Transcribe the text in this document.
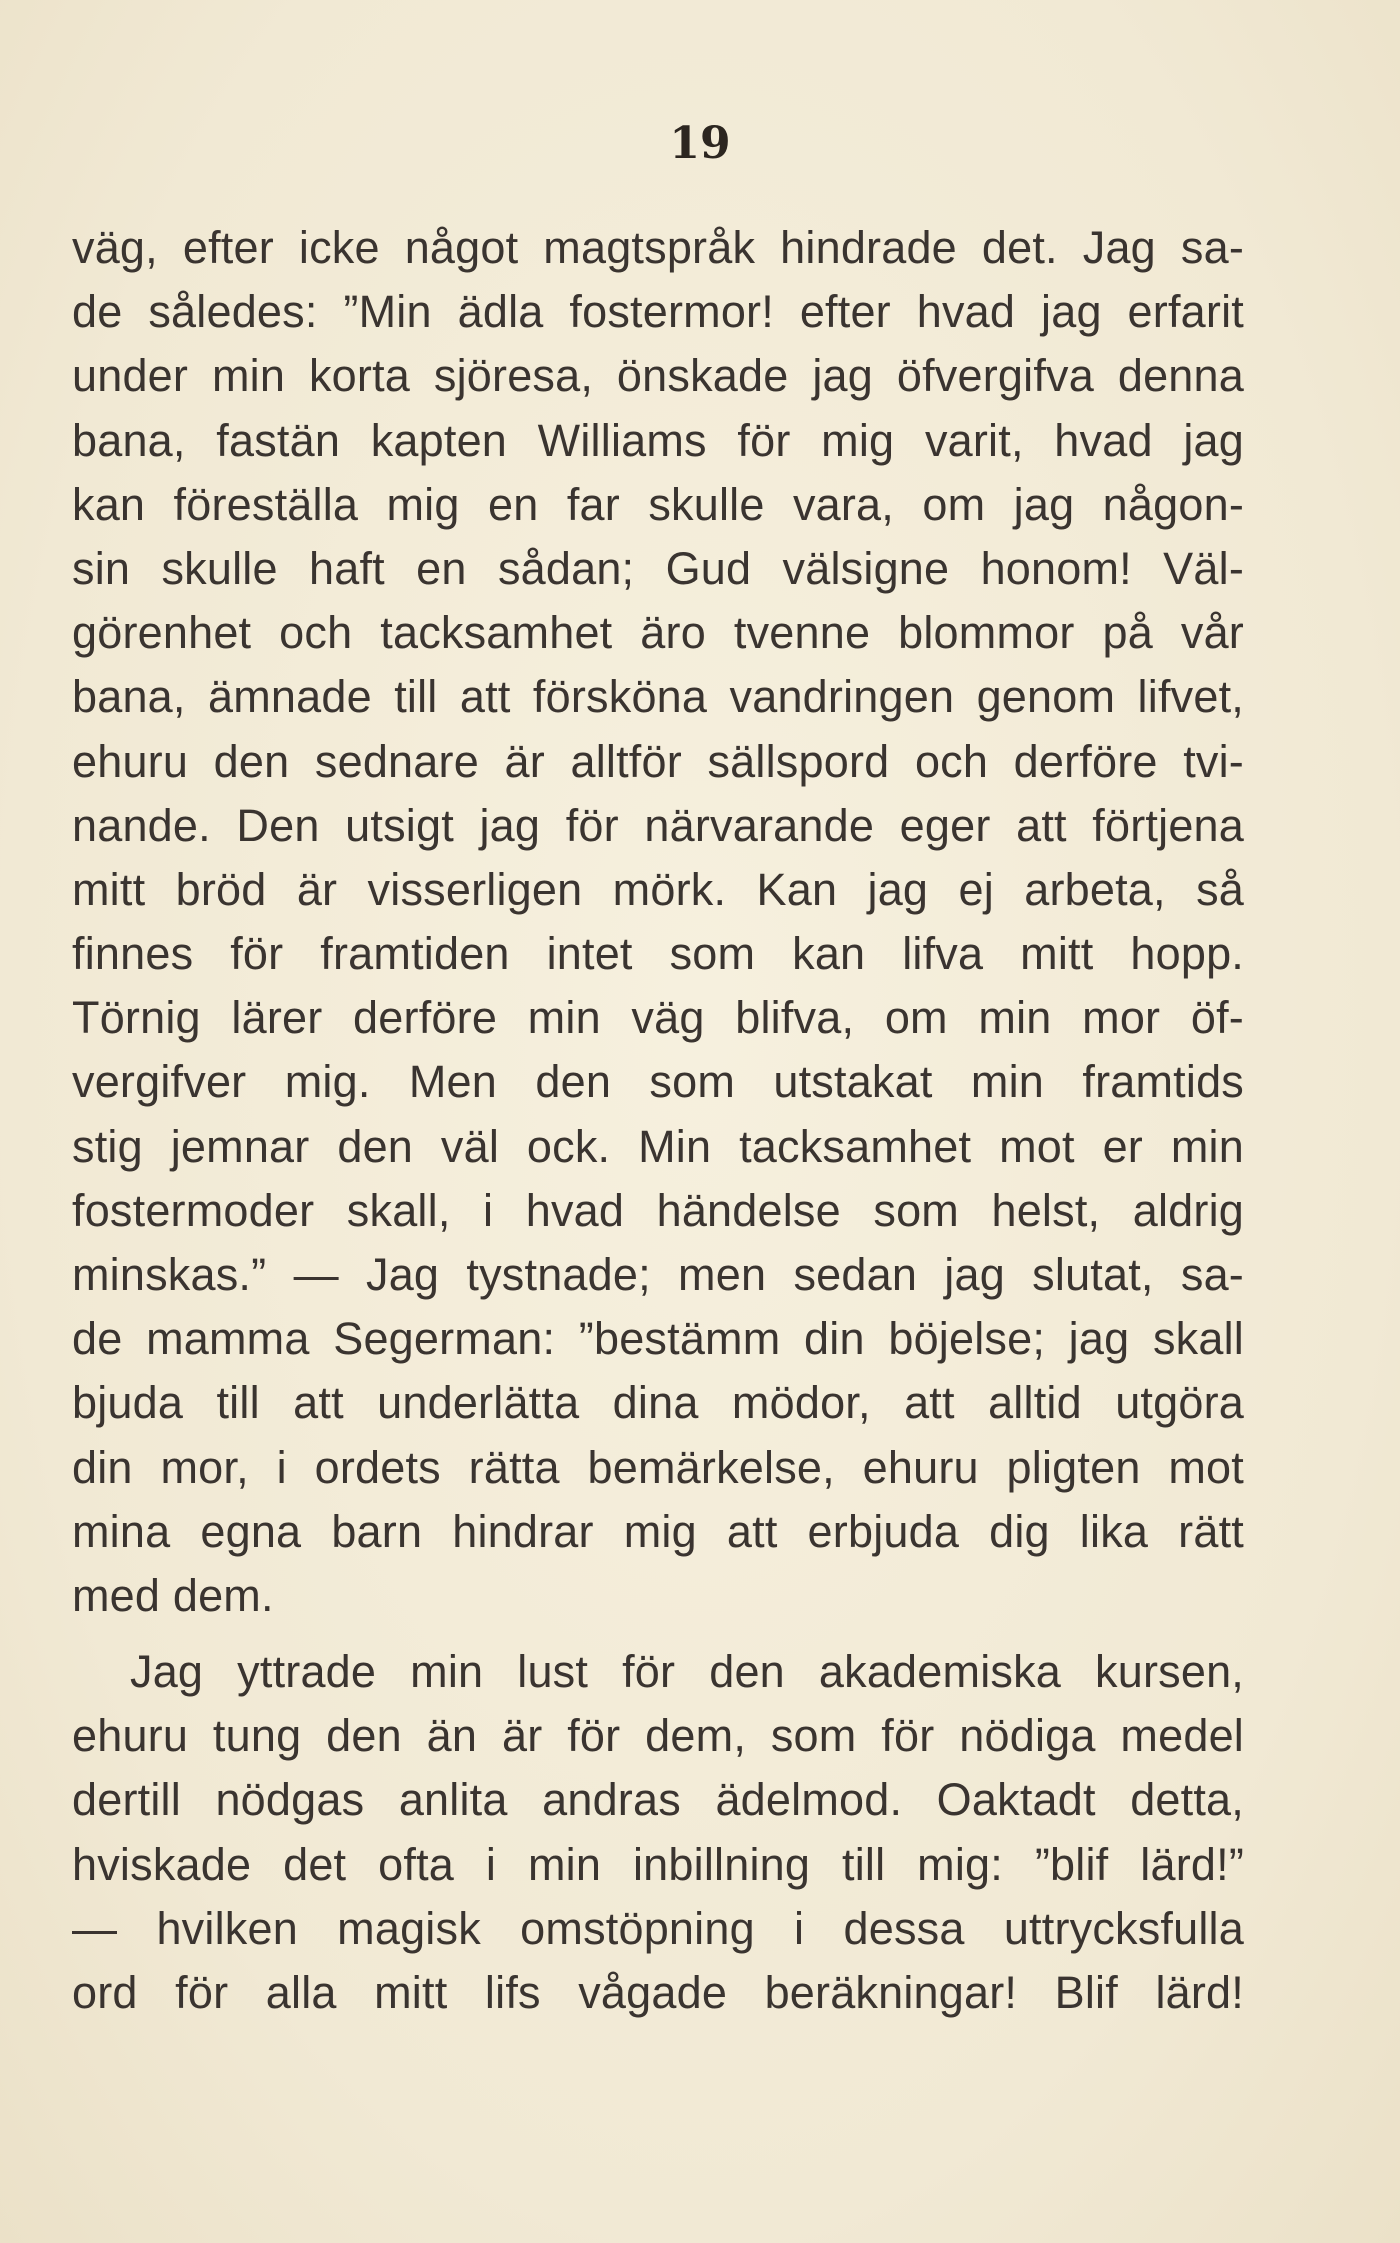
19
väg, efter icke något magtspråk hindrade det. Jag sa-
de således: ”Min ädla fostermor! efter hvad jag erfarit
under min korta sjöresa, önskade jag öfvergifva denna
bana, fastän kapten Williams för mig varit, hvad jag
kan föreställa mig en far skulle vara, om jag någon-
sin skulle haft en sådan; Gud välsigne honom! Väl-
görenhet och tacksamhet äro tvenne blommor på vår
bana, ämnade till att försköna vandringen genom lifvet,
ehuru den sednare är alltför sällspord och derföre tvi-
nande. Den utsigt jag för närvarande eger att förtjena
mitt bröd är visserligen mörk. Kan jag ej arbeta, så
finnes för framtiden intet som kan lifva mitt hopp.
Törnig lärer derföre min väg blifva, om min mor öf-
vergifver mig. Men den som utstakat min framtids
stig jemnar den väl ock. Min tacksamhet mot er min
fostermoder skall, i hvad händelse som helst, aldrig
minskas.” — Jag tystnade; men sedan jag slutat, sa-
de mamma Segerman: ”bestämm din böjelse; jag skall
bjuda till att underlätta dina mödor, att alltid utgöra
din mor, i ordets rätta bemärkelse, ehuru pligten mot
mina egna barn hindrar mig att erbjuda dig lika rätt
med dem.
Jag yttrade min lust för den akademiska kursen,
ehuru tung den än är för dem, som för nödiga medel
dertill nödgas anlita andras ädelmod. Oaktadt detta,
hviskade det ofta i min inbillning till mig: ”blif lärd!”
— hvilken magisk omstöpning i dessa uttrycksfulla
ord för alla mitt lifs vågade beräkningar! Blif lärd!
